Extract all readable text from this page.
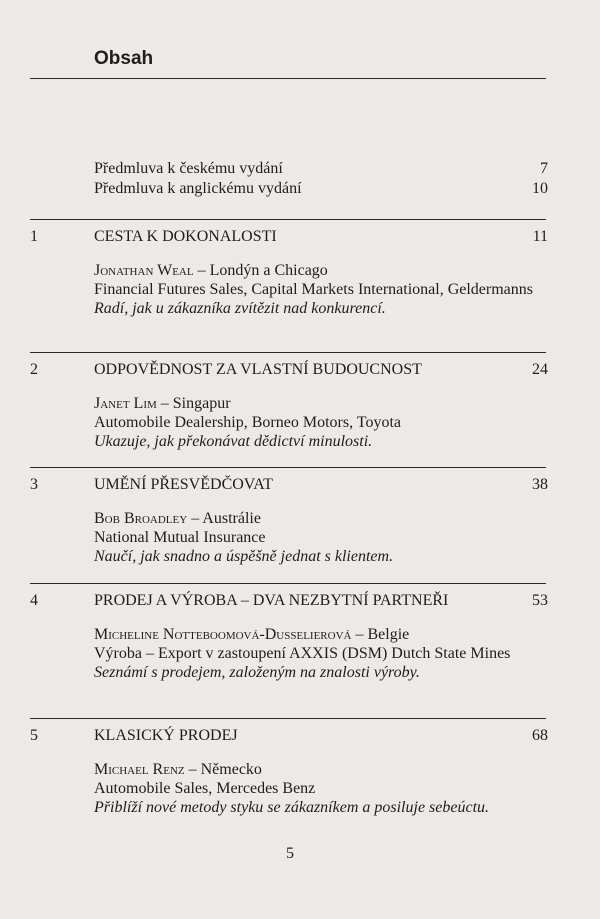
Obsah
Předmluva k českému vydání	7
Předmluva k anglickému vydání	10
1	CESTA K DOKONALOSTI	11
Jonathan Weal – Londýn a Chicago
Financial Futures Sales, Capital Markets International, Geldermanns
Radí, jak u zákazníka zvítězit nad konkurencí.
2	ODPOVĚDNOST ZA VLASTNÍ BUDOUCNOST	24
Janet Lim – Singapur
Automobile Dealership, Borneo Motors, Toyota
Ukazuje, jak překonávat dědictví minulosti.
3	UMĚNÍ PŘESVĚDČOVAT	38
Bob Broadley – Austrálie
National Mutual Insurance
Naučí, jak snadno a úspěšně jednat s klientem.
4	PRODEJ A VÝROBA – DVA NEZBYTNÍ PARTNEŘI	53
Micheline Notteboomová-Dusselierová – Belgie
Výroba – Export v zastoupení AXXIS (DSM) Dutch State Mines
Seznámí s prodejem, založeným na znalosti výroby.
5	KLASICKÝ PRODEJ	68
Michael Renz – Německo
Automobile Sales, Mercedes Benz
Přiblíží nové metody styku se zákazníkem a posiluje sebeúctu.
5
